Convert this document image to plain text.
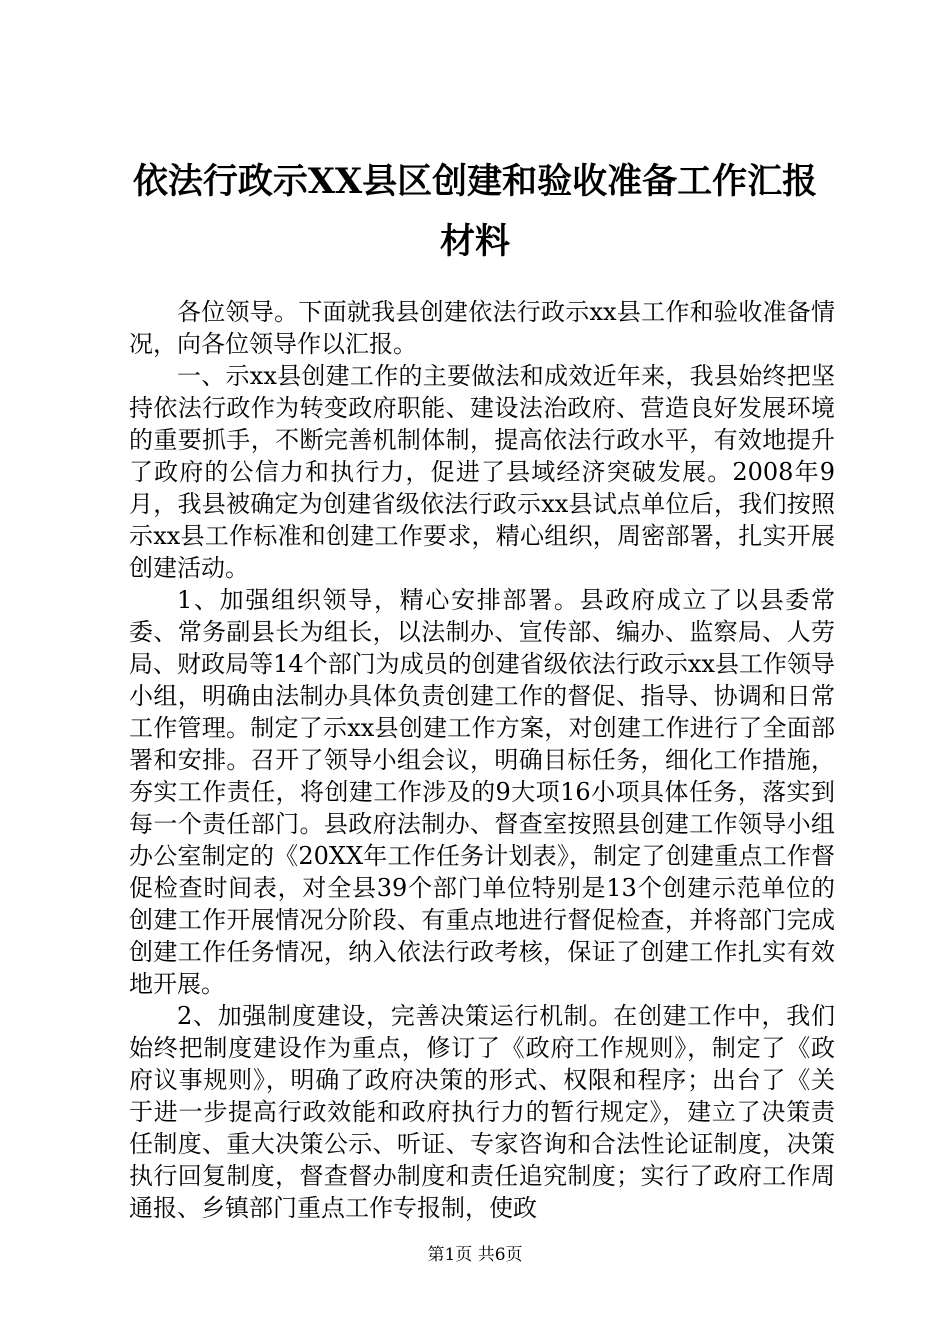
依法行政示XX县区创建和验收准备工作汇报
材料

各位领导。下面就我县创建依法行政示xx县工作和验收准备情况，向各位领导作以汇报。

一、示xx县创建工作的主要做法和成效近年来，我县始终把坚持依法行政作为转变政府职能、建设法治政府、营造良好发展环境的重要抓手，不断完善机制体制，提高依法行政水平，有效地提升了政府的公信力和执行力，促进了县域经济突破发展。2008年9月，我县被确定为创建省级依法行政示xx县试点单位后，我们按照示xx县工作标准和创建工作要求，精心组织，周密部署，扎实开展创建活动。

1、加强组织领导，精心安排部署。县政府成立了以县委常委、常务副县长为组长，以法制办、宣传部、编办、监察局、人劳局、财政局等14个部门为成员的创建省级依法行政示xx县工作领导小组，明确由法制办具体负责创建工作的督促、指导、协调和日常工作管理。制定了示xx县创建工作方案，对创建工作进行了全面部署和安排。召开了领导小组会议，明确目标任务，细化工作措施，夯实工作责任，将创建工作涉及的9大项16小项具体任务，落实到每一个责任部门。县政府法制办、督查室按照县创建工作领导小组办公室制定的《20XX年工作任务计划表》，制定了创建重点工作督促检查时间表，对全县39个部门单位特别是13个创建示范单位的创建工作开展情况分阶段、有重点地进行督促检查，并将部门完成创建工作任务情况，纳入依法行政考核，保证了创建工作扎实有效地开展。

2、加强制度建设，完善决策运行机制。在创建工作中，我们始终把制度建设作为重点，修订了《政府工作规则》，制定了《政府议事规则》，明确了政府决策的形式、权限和程序；出台了《关于进一步提高行政效能和政府执行力的暂行规定》，建立了决策责任制度、重大决策公示、听证、专家咨询和合法性论证制度，决策执行回复制度，督查督办制度和责任追究制度；实行了政府工作周通报、乡镇部门重点工作专报制，使政

第1页 共6页
